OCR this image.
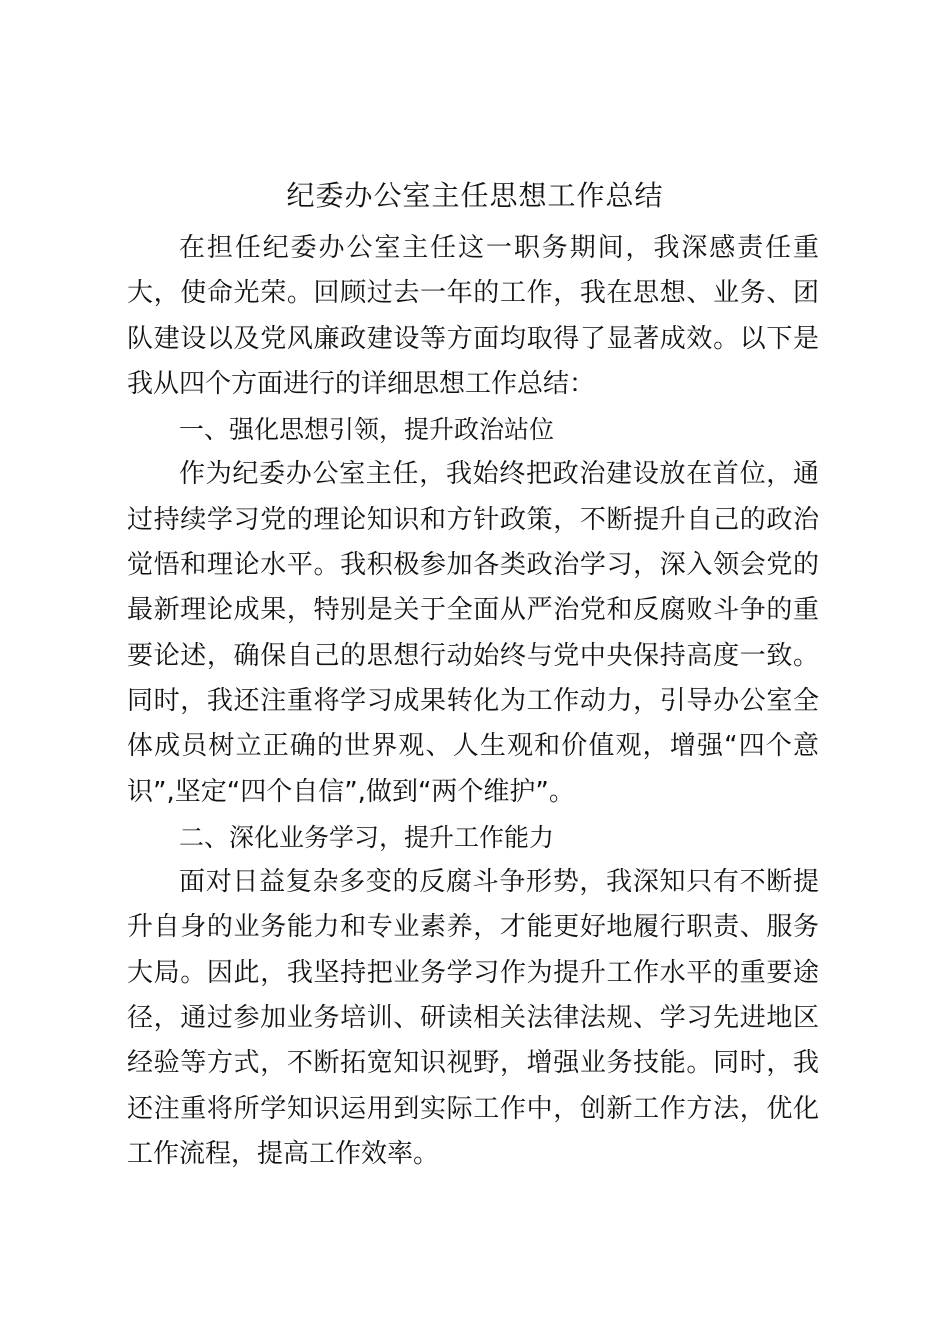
纪委办公室主任思想工作总结

在担任纪委办公室主任这一职务期间，我深感责任重大，使命光荣。回顾过去一年的工作，我在思想、业务、团队建设以及党风廉政建设等方面均取得了显著成效。以下是我从四个方面进行的详细思想工作总结：

一、强化思想引领，提升政治站位

作为纪委办公室主任，我始终把政治建设放在首位，通过持续学习党的理论知识和方针政策，不断提升自己的政治觉悟和理论水平。我积极参加各类政治学习，深入领会党的最新理论成果，特别是关于全面从严治党和反腐败斗争的重要论述，确保自己的思想行动始终与党中央保持高度一致。同时，我还注重将学习成果转化为工作动力，引导办公室全体成员树立正确的世界观、人生观和价值观，增强“四个意识”,坚定“四个自信”,做到“两个维护”。

二、深化业务学习，提升工作能力

面对日益复杂多变的反腐斗争形势，我深知只有不断提升自身的业务能力和专业素养，才能更好地履行职责、服务大局。因此，我坚持把业务学习作为提升工作水平的重要途径，通过参加业务培训、研读相关法律法规、学习先进地区经验等方式，不断拓宽知识视野，增强业务技能。同时，我还注重将所学知识运用到实际工作中，创新工作方法，优化工作流程，提高工作效率。
